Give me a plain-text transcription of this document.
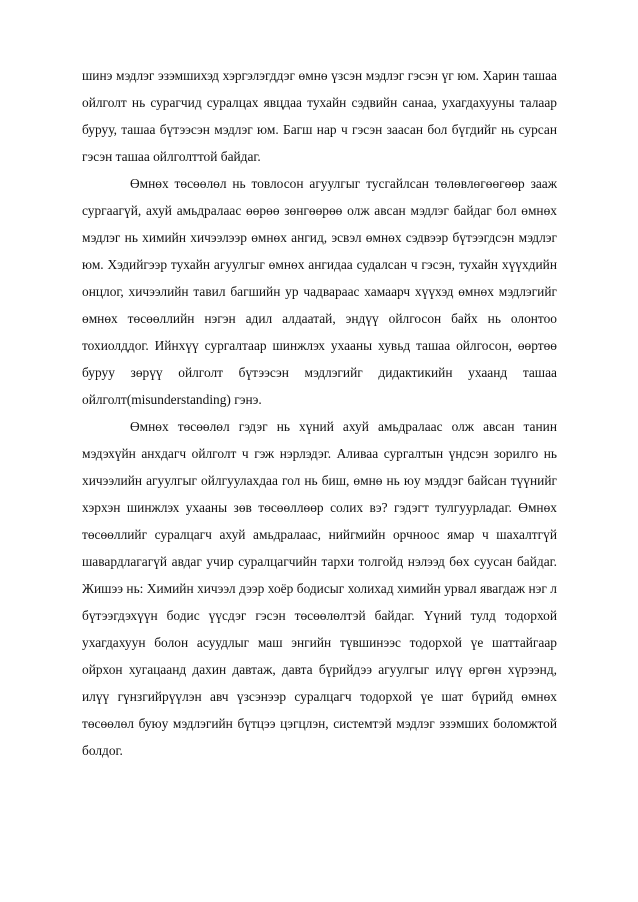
шинэ мэдлэг эзэмшихэд хэргэлэгддэг өмнө үзсэн мэдлэг гэсэн үг юм. Харин ташаа ойлголт нь сурагчид суралцах явцдаа тухайн сэдвийн санаа, ухагдахууны талаар буруу, ташаа бүтээсэн мэдлэг юм. Багш нар ч гэсэн заасан бол бүгдийг нь сурсан гэсэн ташаа ойлголттой байдаг.

Өмнөх төсөөлөл нь товлосон агуулгыг тусгайлсан төлөвлөгөөгөөр зааж сургаагүй, ахуй амьдралаас өөрөө зөнгөөрөө олж авсан мэдлэг байдаг бол өмнөх мэдлэг нь химийн хичээлээр өмнөх ангид, эсвэл өмнөх сэдвээр бүтээгдсэн мэдлэг юм. Хэдийгээр тухайн агуулгыг өмнөх ангидаа судалсан ч гэсэн, тухайн хүүхдийн онцлог, хичээлийн тавил багшийн ур чадвараас хамаарч хүүхэд өмнөх мэдлэгийг өмнөх төсөөллийн нэгэн адил алдаатай, эндүү ойлгосон байх нь олонтоо тохиолддог. Ийнхүү сургалтаар шинжлэх ухааны хувьд ташаа ойлгосон, өөртөө буруу зөрүү ойлголт бүтээсэн мэдлэгийг дидактикийн ухаанд ташаа ойлголт(misunderstanding) гэнэ.

Өмнөх төсөөлөл гэдэг нь хүний ахуй амьдралаас олж авсан танин мэдэхүйн анхдагч ойлголт ч гэж нэрлэдэг. Аливаа сургалтын үндсэн зорилго нь хичээлийн агуулгыг ойлгуулахдаа гол нь биш, өмнө нь юу мэддэг байсан түүнийг хэрхэн шинжлэх ухааны зөв төсөөллөөр солих вэ? гэдэгт тулгуурладаг. Өмнөх төсөөллийг суралцагч ахуй амьдралаас, нийгмийн орчноос ямар ч шахалтгүй шавардлагагүй авдаг учир суралцагчийн тархи толгойд нэлээд бөх суусан байдаг. Жишээ нь: Химийн хичээл дээр хоёр бодисыг холихад химийн урвал явагдаж нэг л бүтээгдэхүүн бодис үүсдэг гэсэн төсөөлөлтэй байдаг. Үүний тулд тодорхой ухагдахуун болон асуудлыг маш энгийн түвшинээс тодорхой үе шаттайгаар ойрхон хугацаанд дахин давтаж, давта бүрийдээ агуулгыг илүү өргөн хүрээнд, илүү гүнзгийрүүлэн авч үзсэнээр суралцагч тодорхой үе шат бүрийд өмнөх төсөөлөл буюу мэдлэгийн бүтцээ цэгцлэн, системтэй мэдлэг эзэмших боломжтой болдог.
